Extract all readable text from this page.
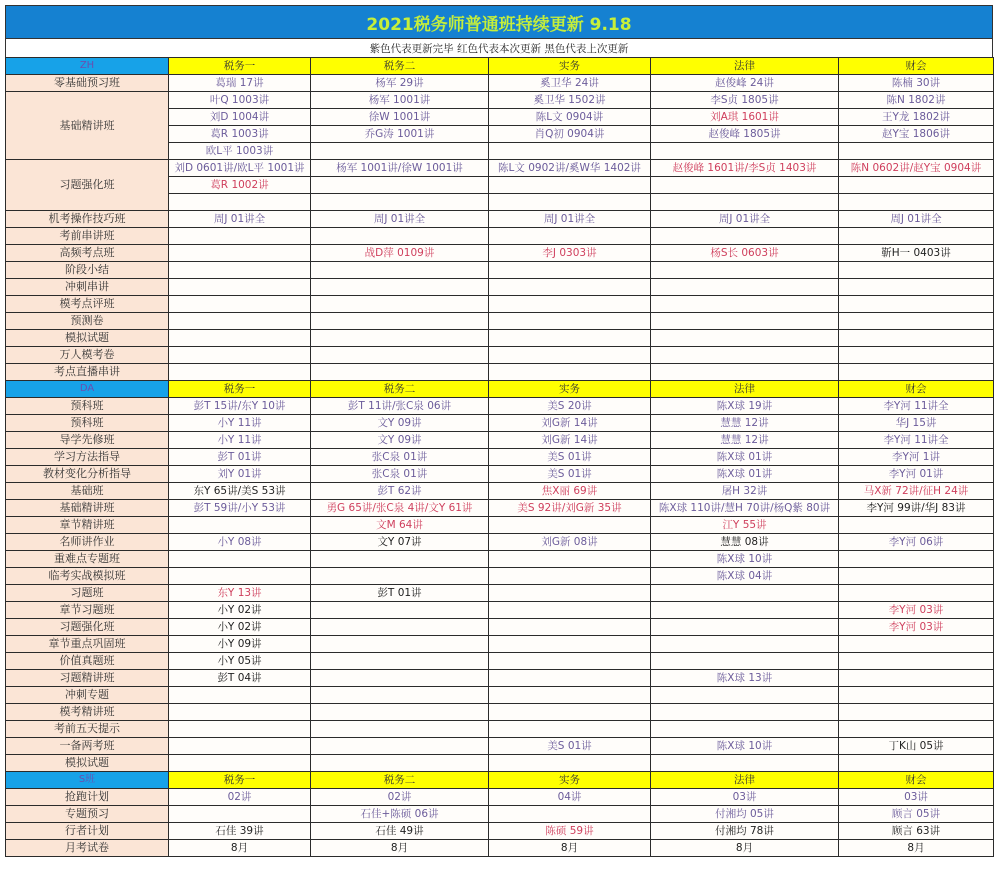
2021税务师普通班持续更新 9.18
紫色代表更新完毕 红色代表本次更新 黑色代表上次更新
ZH	税务一	税务二	实务	法律	财会
零基础预习班	葛瑞 17讲	杨军 29讲	奚卫华 24讲	赵俊峰 24讲	陈楠 30讲
基础精讲班	叶Q 1003讲	杨军 1001讲	奚卫华 1502讲	李S贞 1805讲	陈N 1802讲
	刘D 1004讲	徐W 1001讲	陈L文 0904讲	刘A琪 1601讲	王Y龙 1802讲
	葛R 1003讲	乔G涛 1001讲	肖Q初 0904讲	赵俊峰 1805讲	赵Y宝 1806讲
	欧L平 1003讲				
习题强化班	刘D 0601讲/欧L平 1001讲	杨军 1001讲/徐W 1001讲	陈L文 0902讲/奚W华 1402讲	赵俊峰 1601讲/李S贞 1403讲	陈N 0602讲/赵Y宝 0904讲
	葛R 1002讲				

机考操作技巧班	周J 01讲全	周J 01讲全	周J 01讲全	周J 01讲全	周J 01讲全
考前串讲班					
高频考点班		战D萍 0109讲	李J 0303讲	杨S长 0603讲	靳H一 0403讲
阶段小结					
冲刺串讲					
模考点评班					
预测卷					
模拟试题					
万人模考卷					
考点直播串讲					
DA	税务一	税务二	实务	法律	财会
预科班	彭T 15讲/东Y 10讲	彭T 11讲/张C泉 06讲	美S 20讲	陈X球 19讲	李Y河 11讲全
预科班	小Y 11讲	文Y 09讲	刘G新 14讲	慧慧 12讲	华J 15讲
导学先修班	小Y 11讲	文Y 09讲	刘G新 14讲	慧慧 12讲	李Y河 11讲全
学习方法指导	彭T 01讲	张C泉 01讲	美S 01讲	陈X球 01讲	李Y河 1讲
教材变化分析指导	刘Y 01讲	张C泉 01讲	美S 01讲	陈X球 01讲	李Y河 01讲
基础班	东Y 65讲/美S 53讲	彭T 62讲	焦X丽 69讲	屠H 32讲	马X新 72讲/征H 24讲
基础精讲班	彭T 59讲/小Y 53讲	勇G 65讲/张C泉 4讲/文Y 61讲	美S 92讲/刘G新 35讲	陈X球 110讲/慧H 70讲/杨Q紫 80讲	李Y河 99讲/华J 83讲
章节精讲班		文M 64讲		江Y 55讲	
名师讲作业	小Y 08讲	文Y 07讲	刘G新 08讲	慧慧 08讲	李Y河 06讲
重难点专题班				陈X球 10讲	
临考实战模拟班				陈X球 04讲	
习题班	东Y 13讲	彭T 01讲			
章节习题班	小Y 02讲				李Y河 03讲
习题强化班	小Y 02讲				李Y河 03讲
章节重点巩固班	小Y 09讲				
价值真题班	小Y 05讲				
习题精讲班	彭T 04讲			陈X球 13讲	
冲刺专题					
模考精讲班					
考前五天提示					
一备两考班			美S 01讲	陈X球 10讲	丁K山 05讲
模拟试题					
S班	税务一	税务二	实务	法律	财会
抢跑计划	02讲	02讲	04讲	03讲	03讲
专题预习		石佳+陈硕 06讲		付湘均 05讲	顾言 05讲
行者计划	石佳 39讲	石佳 49讲	陈硕 59讲	付湘均 78讲	顾言 63讲
月考试卷	8月	8月	8月	8月	8月
